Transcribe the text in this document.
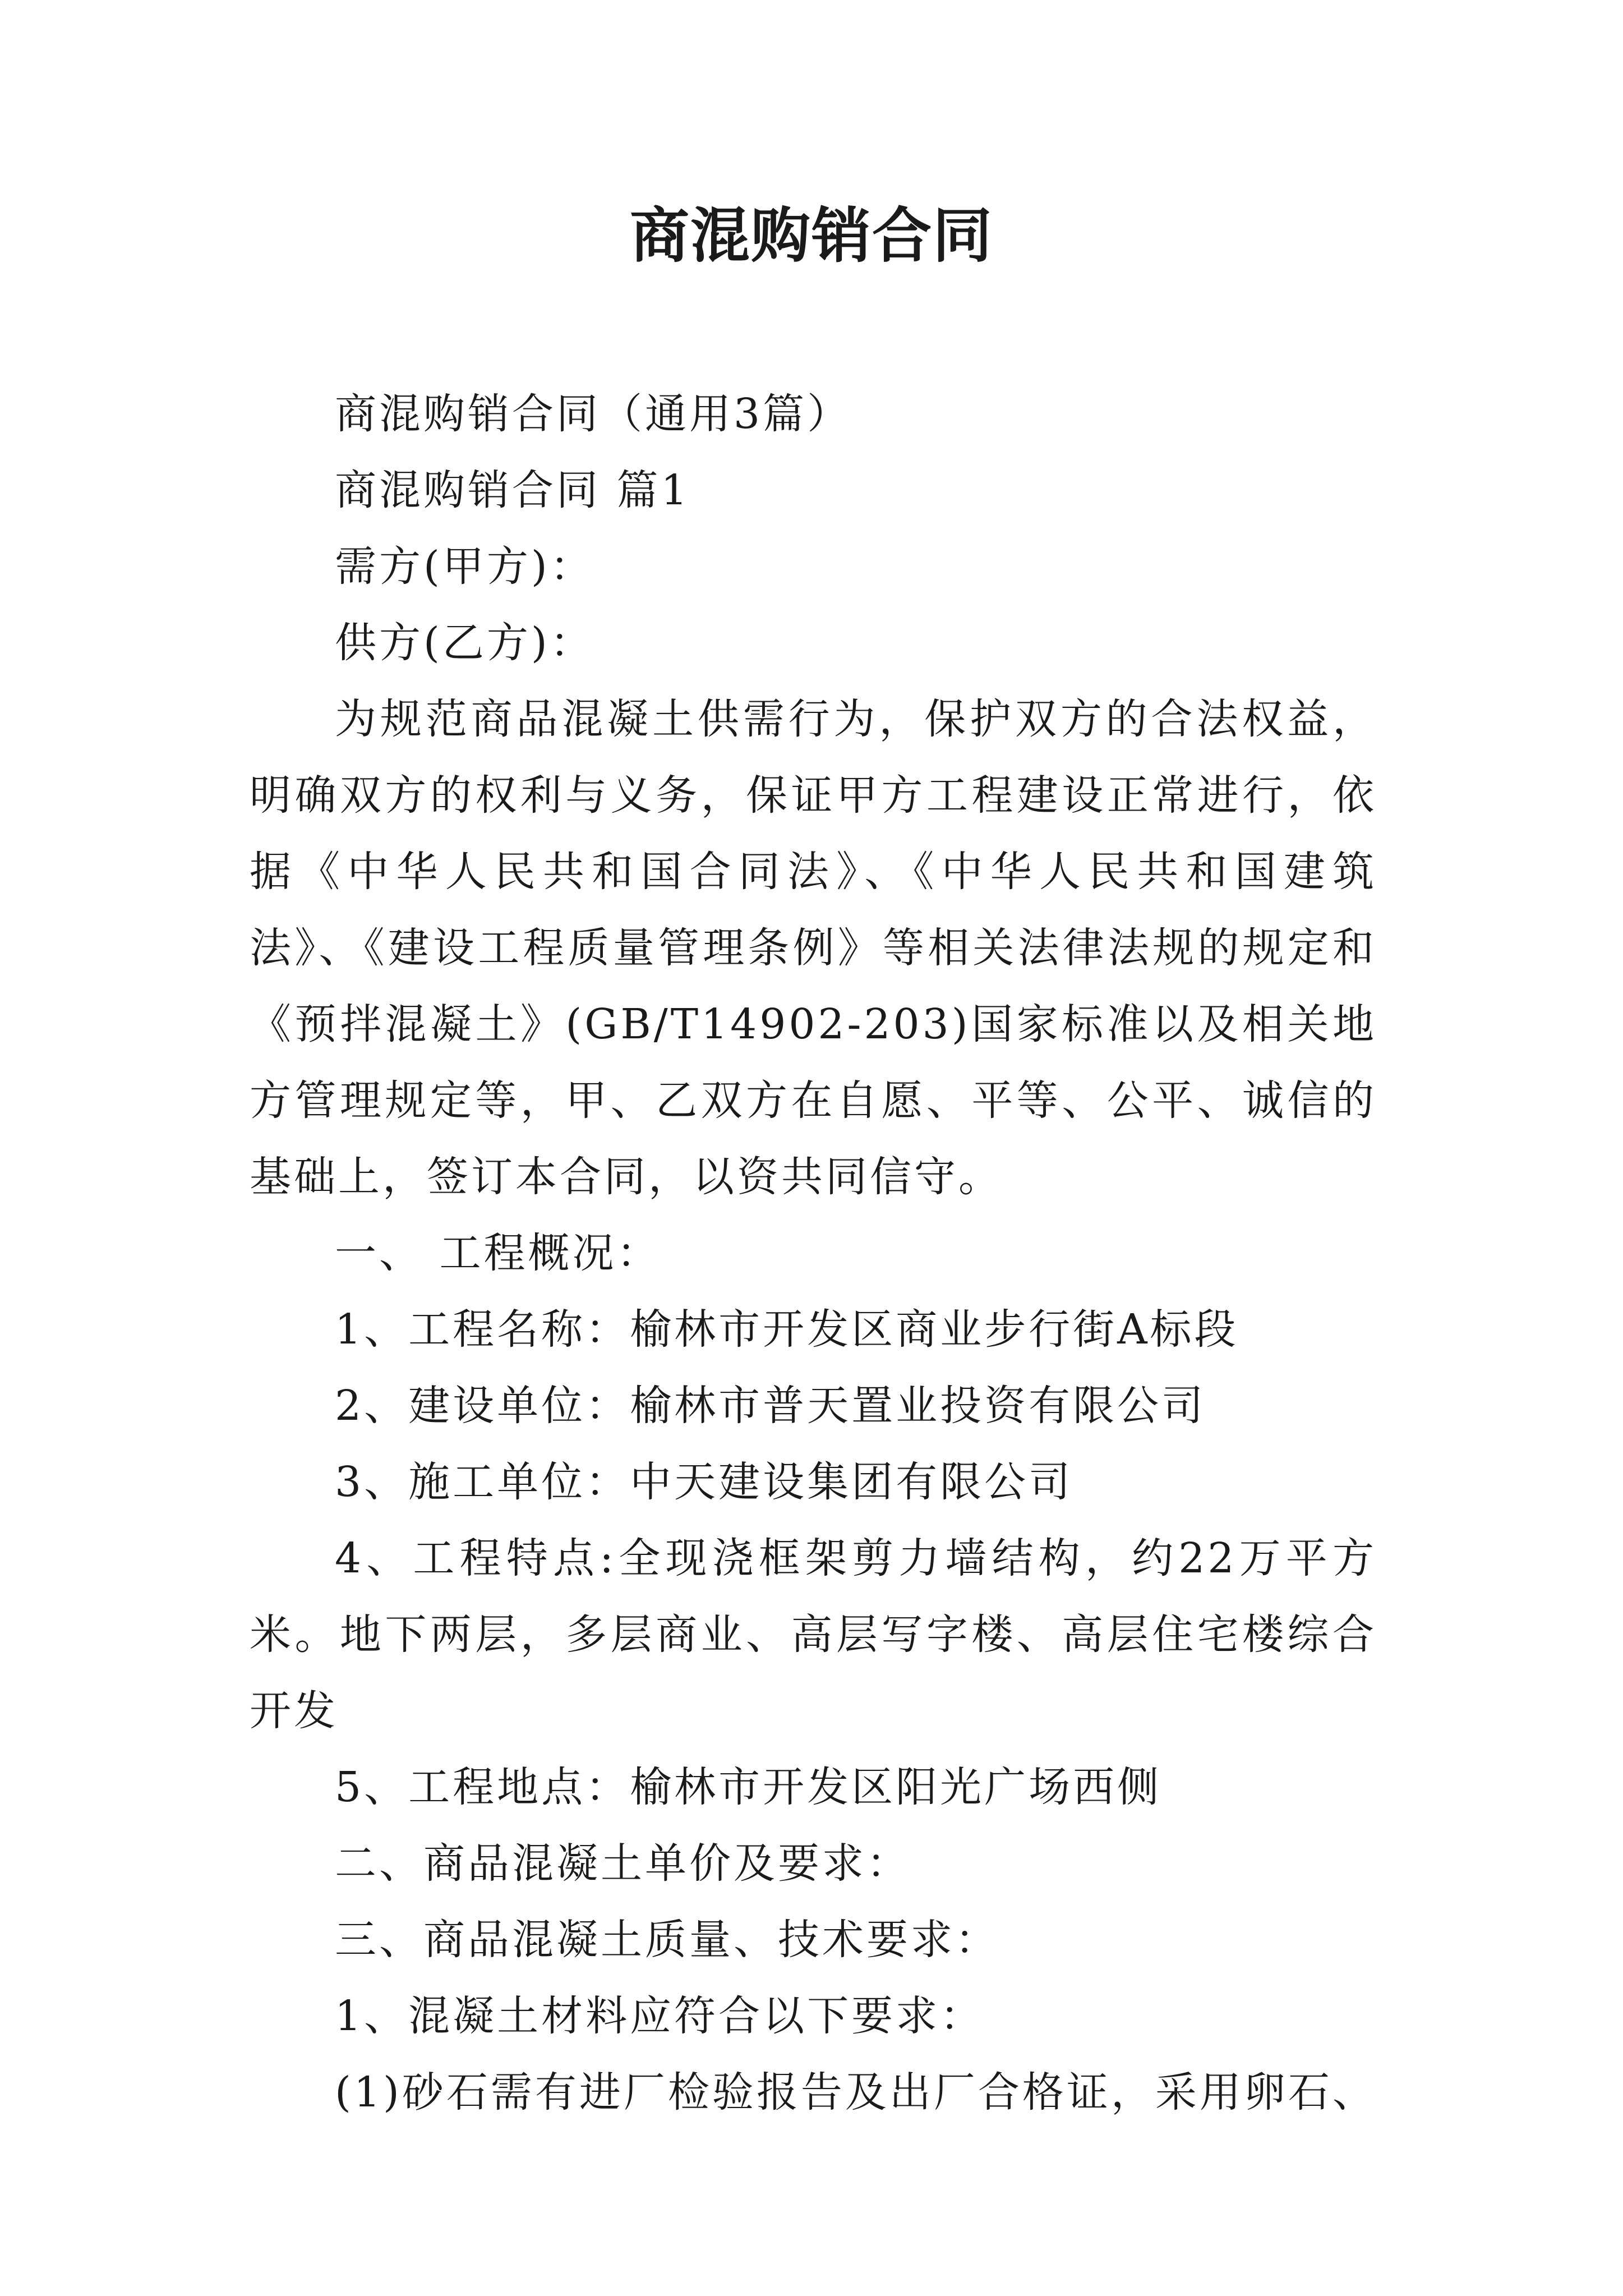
商混购销合同

商混购销合同（通用3篇）

商混购销合同 篇1

需方(甲方)：

供方(乙方)：

为规范商品混凝土供需行为，保护双方的合法权益，明确双方的权利与义务，保证甲方工程建设正常进行，依据《中华人民共和国合同法》、《中华人民共和国建筑法》、《建设工程质量管理条例》等相关法律法规的规定和《预拌混凝土》(GB/T14902-203)国家标准以及相关地方管理规定等，甲、乙双方在自愿、平等、公平、诚信的基础上，签订本合同，以资共同信守。

一、 工程概况：

1、工程名称：榆林市开发区商业步行街A标段

2、建设单位：榆林市普天置业投资有限公司

3、施工单位：中天建设集团有限公司

4、工程特点:全现浇框架剪力墙结构，约22万平方米。地下两层，多层商业、高层写字楼、高层住宅楼综合开发

5、工程地点：榆林市开发区阳光广场西侧

二、商品混凝土单价及要求：

三、商品混凝土质量、技术要求：

1、混凝土材料应符合以下要求：

(1)砂石需有进厂检验报告及出厂合格证，采用卵石、
